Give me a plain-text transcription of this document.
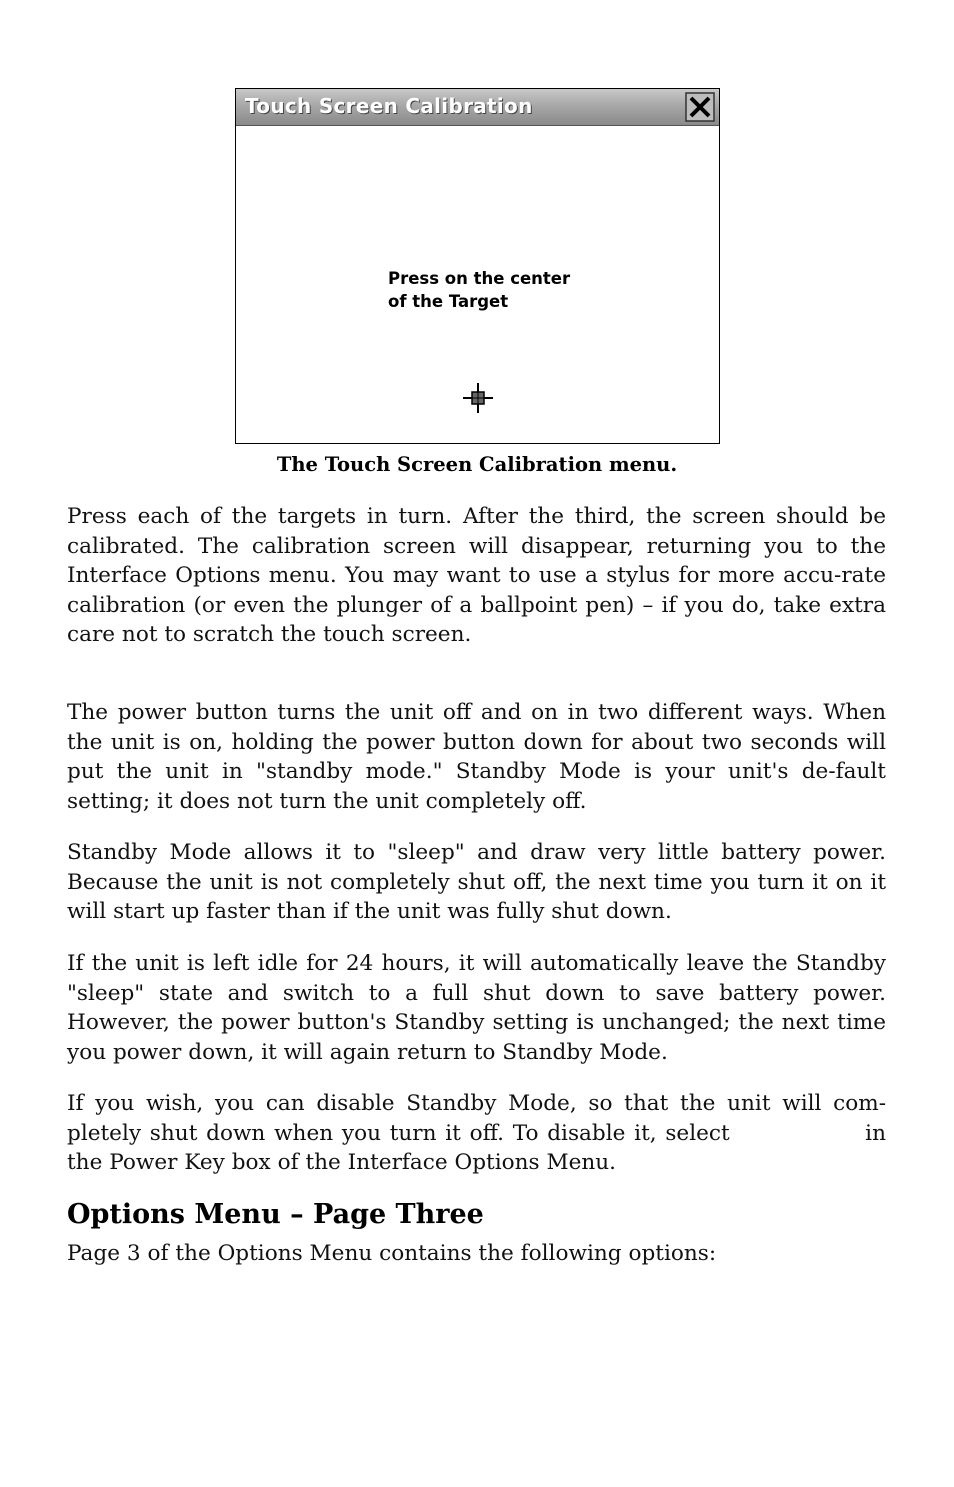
Touch Screen Calibration
Press on the center
of the Target
The Touch Screen Calibration menu.

Press each of the targets in turn. After the third, the screen should be calibrated. The calibration screen will disappear, returning you to the Interface Options menu. You may want to use a stylus for more accu-rate calibration (or even the plunger of a ballpoint pen) – if you do, take extra care not to scratch the touch screen.

The power button turns the unit off and on in two different ways. When the unit is on, holding the power button down for about two seconds will put the unit in "standby mode." Standby Mode is your unit's de-fault setting; it does not turn the unit completely off.

Standby Mode allows it to "sleep" and draw very little battery power. Because the unit is not completely shut off, the next time you turn it on it will start up faster than if the unit was fully shut down.

If the unit is left idle for 24 hours, it will automatically leave the Standby "sleep" state and switch to a full shut down to save battery power. However, the power button's Standby setting is unchanged; the next time you power down, it will again return to Standby Mode.

If you wish, you can disable Standby Mode, so that the unit will com-pletely shut down when you turn it off. To disable it, select	in the Power Key box of the Interface Options Menu.

Options Menu – Page Three

Page 3 of the Options Menu contains the following options:
